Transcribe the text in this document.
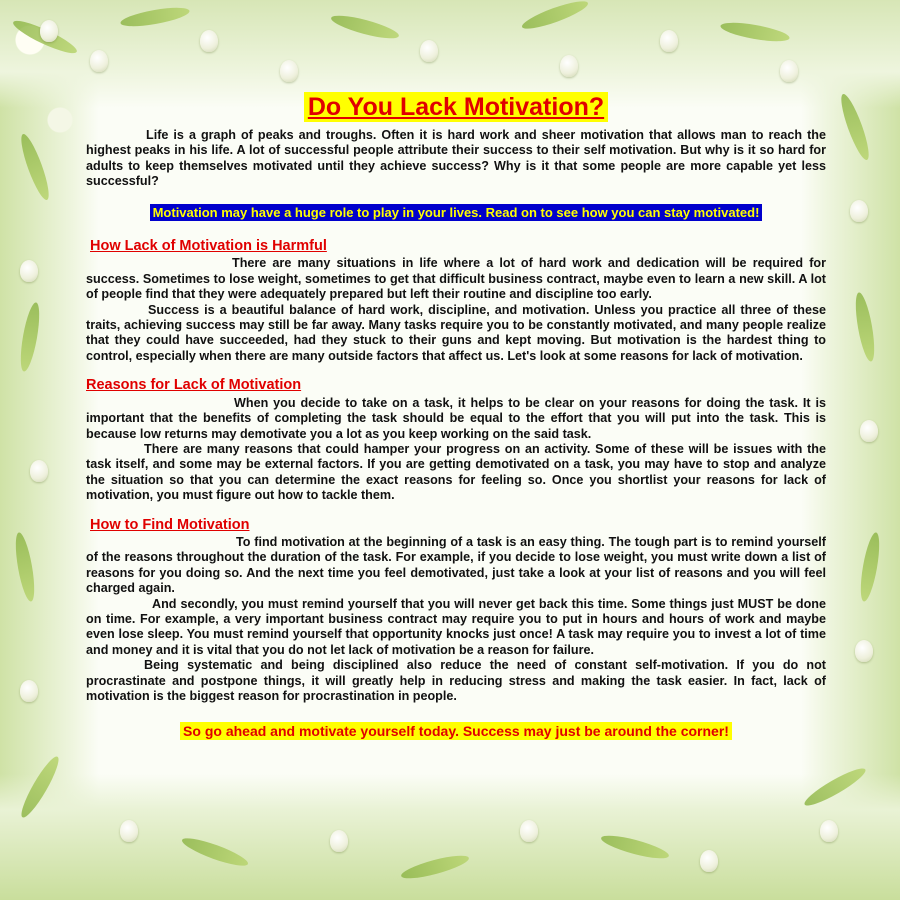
Do You Lack Motivation?

Life is a graph of peaks and troughs. Often it is hard work and sheer motivation that allows man to reach the highest peaks in his life. A lot of successful people attribute their success to their self motivation. But why is it so hard for adults to keep themselves motivated until they achieve success? Why is it that some people are more capable yet less successful?

Motivation may have a huge role to play in your lives. Read on to see how you can stay motivated!
How Lack of Motivation is Harmful

There are many situations in life where a lot of hard work and dedication will be required for success. Sometimes to lose weight, sometimes to get that difficult business contract, maybe even to learn a new skill. A lot of people find that they were adequately prepared but left their routine and discipline too early.

Success is a beautiful balance of hard work, discipline, and motivation. Unless you practice all three of these traits, achieving success may still be far away. Many tasks require you to be constantly motivated, and many people realize that they could have succeeded, had they stuck to their guns and kept moving. But motivation is the hardest thing to control, especially when there are many outside factors that affect us. Let's look at some reasons for lack of motivation.

Reasons for Lack of Motivation

When you decide to take on a task, it helps to be clear on your reasons for doing the task. It is important that the benefits of completing the task should be equal to the effort that you will put into the task. This is because low returns may demotivate you a lot as you keep working on the said task.

There are many reasons that could hamper your progress on an activity. Some of these will be issues with the task itself, and some may be external factors. If you are getting demotivated on a task, you may have to stop and analyze the situation so that you can determine the exact reasons for feeling so. Once you shortlist your reasons for lack of motivation, you must figure out how to tackle them.

How to Find Motivation

To find motivation at the beginning of a task is an easy thing. The tough part is to remind yourself of the reasons throughout the duration of the task. For example, if you decide to lose weight, you must write down a list of reasons for you doing so. And the next time you feel demotivated, just take a look at your list of reasons and you will feel charged again.

And secondly, you must remind yourself that you will never get back this time. Some things just MUST be done on time. For example, a very important business contract may require you to put in hours and hours of work and maybe even lose sleep. You must remind yourself that opportunity knocks just once! A task may require you to invest a lot of time and money and it is vital that you do not let lack of motivation be a reason for failure.

Being systematic and being disciplined also reduce the need of constant self-motivation. If you do not procrastinate and postpone things, it will greatly help in reducing stress and making the task easier. In fact, lack of motivation is the biggest reason for procrastination in people.

So go ahead and motivate yourself today. Success may just be around the corner!
